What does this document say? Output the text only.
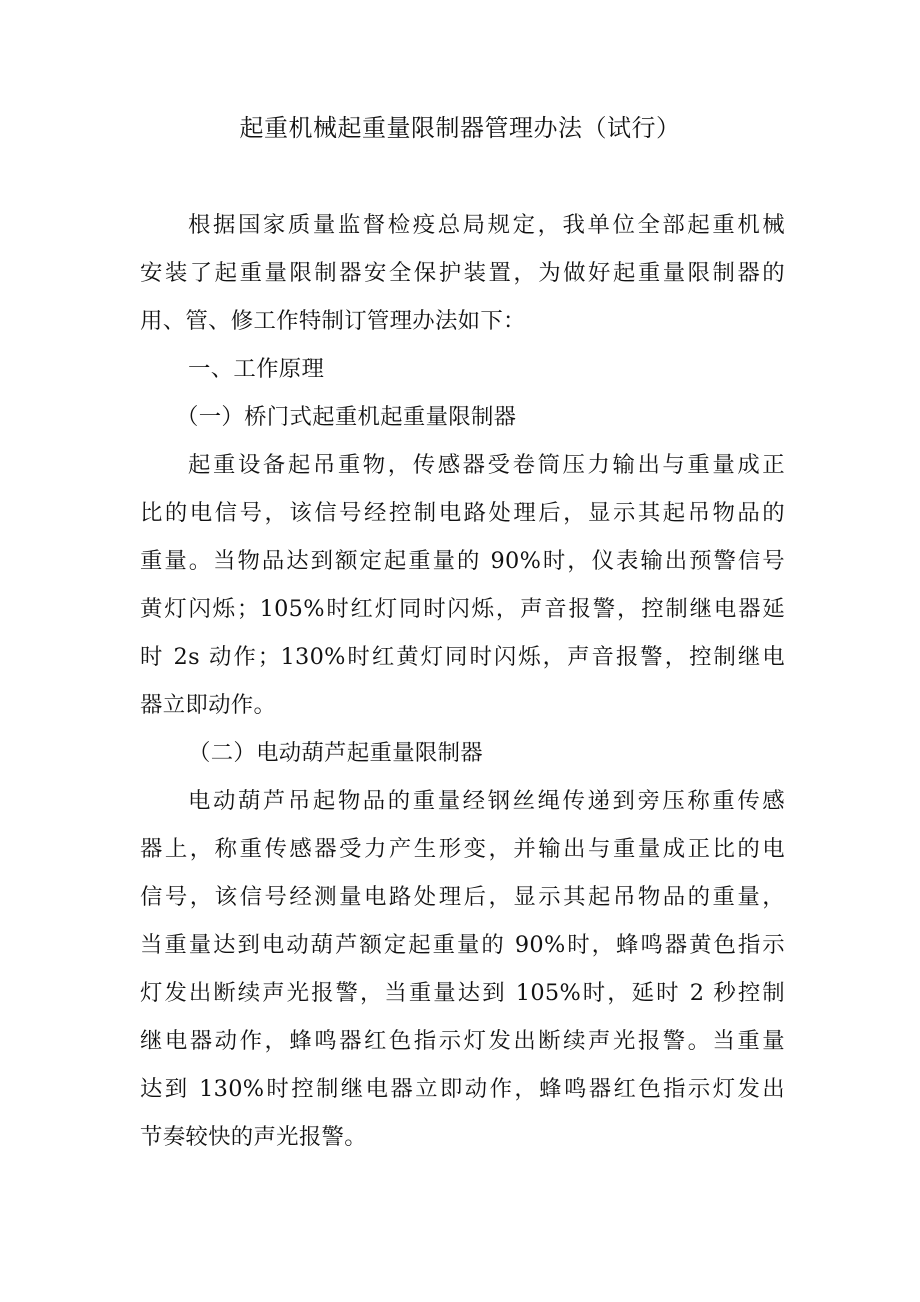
起重机械起重量限制器管理办法（试行）
根据国家质量监督检疫总局规定，我单位全部起重机械
安装了起重量限制器安全保护装置，为做好起重量限制器的
用、管、修工作特制订管理办法如下：
一、工作原理
（一）桥门式起重机起重量限制器
起重设备起吊重物，传感器受卷筒压力输出与重量成正
比的电信号，该信号经控制电路处理后，显示其起吊物品的
重量。当物品达到额定起重量的 90%时，仪表输出预警信号
黄灯闪烁；105%时红灯同时闪烁，声音报警，控制继电器延
时 2s 动作；130%时红黄灯同时闪烁，声音报警，控制继电
器立即动作。
（二）电动葫芦起重量限制器
电动葫芦吊起物品的重量经钢丝绳传递到旁压称重传感
器上，称重传感器受力产生形变，并输出与重量成正比的电
信号，该信号经测量电路处理后，显示其起吊物品的重量，
当重量达到电动葫芦额定起重量的 90%时，蜂鸣器黄色指示
灯发出断续声光报警，当重量达到 105%时，延时 2 秒控制
继电器动作，蜂鸣器红色指示灯发出断续声光报警。当重量
达到 130%时控制继电器立即动作，蜂鸣器红色指示灯发出
节奏较快的声光报警。
